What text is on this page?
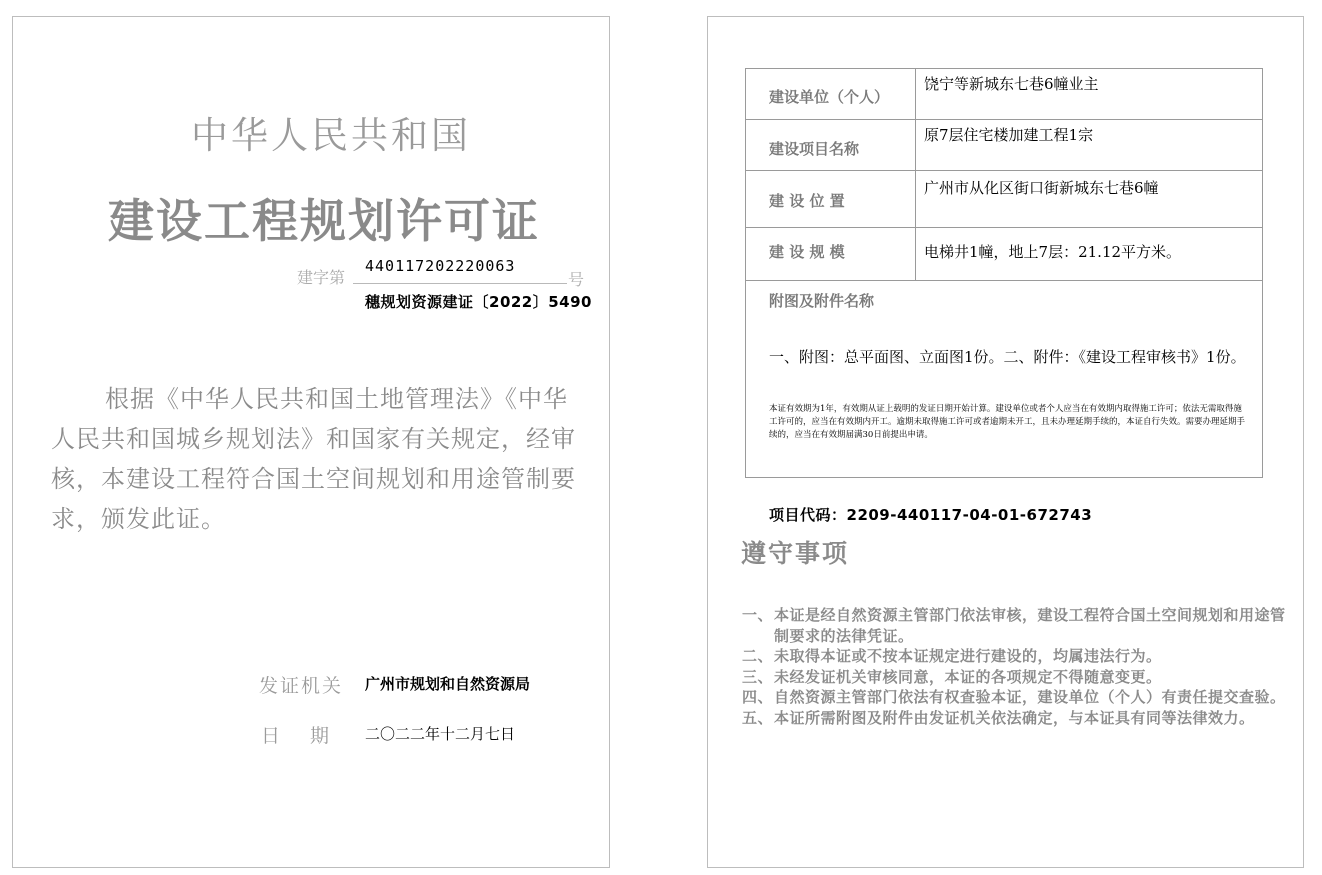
中华人民共和国
建设工程规划许可证
建字第
440117202220063
号
穗规划资源建证〔2022〕5490
根据《中华人民共和国土地管理法》《中华人民共和国城乡规划法》和国家有关规定，经审核，本建设工程符合国土空间规划和用途管制要求，颁发此证。
发证机关 广州市规划和自然资源局
日期 二〇二二年十二月七日
建设单位（个人）
饶宁等新城东七巷6幢业主
建设项目名称
原7层住宅楼加建工程1宗
建 设 位 置
广州市从化区街口街新城东七巷6幢
建 设 规 模	电梯井1幢，地上7层：21.12平方米。
附图及附件名称
一、附图：总平面图、立面图1份。二、附件：《建设工程审核书》1份。
本证有效期为1年，有效期从证上载明的发证日期开始计算。建设单位或者个人应当在有效期内取得施工许可；依法无需取得施工许可的，应当在有效期内开工。逾期未取得施工许可或者逾期未开工，且未办理延期手续的，本证自行失效。需要办理延期手续的，应当在有效期届满30日前提出申请。
项目代码：2209-440117-04-01-672743
遵守事项
一、 本证是经自然资源主管部门依法审核，建设工程符合国土空间规划和用途管制要求的法律凭证。
二、 未取得本证或不按本证规定进行建设的，均属违法行为。
三、 未经发证机关审核同意，本证的各项规定不得随意变更。
四、 自然资源主管部门依法有权查验本证，建设单位（个人）有责任提交查验。
五、 本证所需附图及附件由发证机关依法确定，与本证具有同等法律效力。
